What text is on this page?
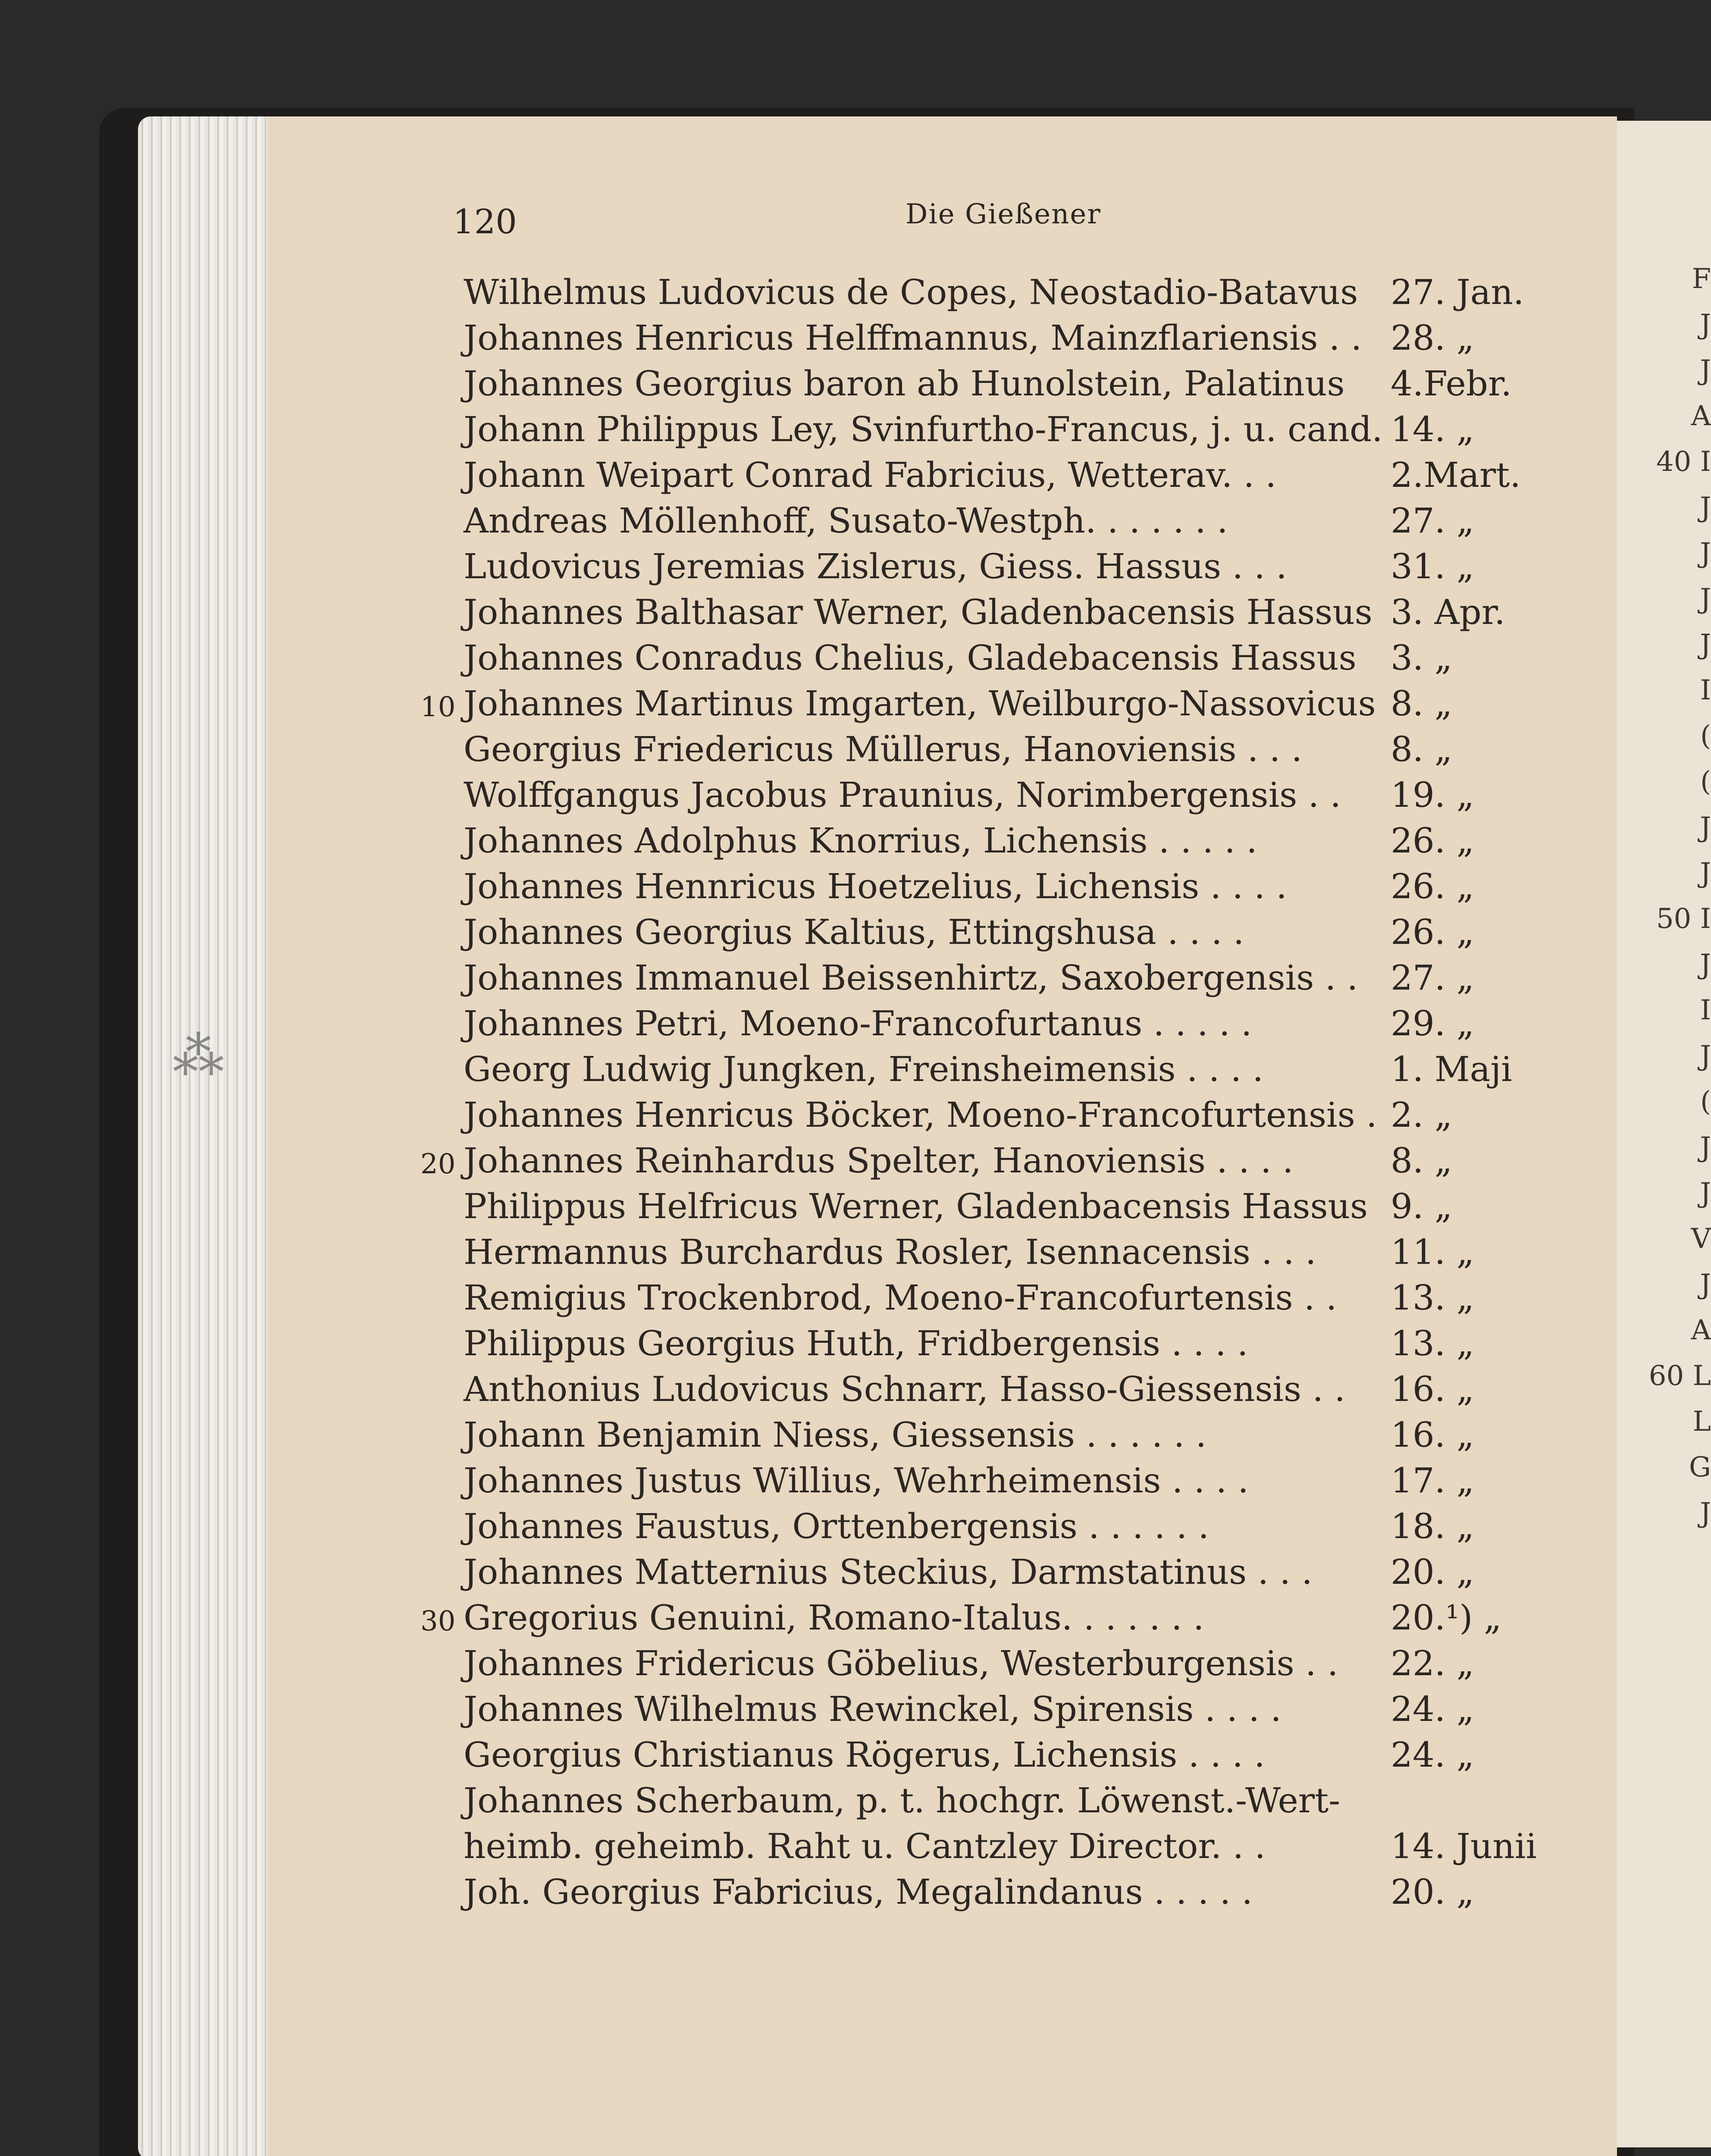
⁂
120	Die Gießener
Wilhelmus Ludovicus de Copes, Neostadio-Batavus 27. Jan.
Johannes Henricus Helffmannus, Mainzflariensis . . 28. „
Johannes Georgius baron ab Hunolstein, Palatinus 4.Febr.
Johann Philippus Ley, Svinfurtho-Francus, j. u. cand. 14. „
Johann Weipart Conrad Fabricius, Wetterav. . .	2.Mart.
Andreas Möllenhoff, Susato-Westph. . . . . . .	27. „
Ludovicus Jeremias Zislerus, Giess. Hassus . . .	31. „
Johannes Balthasar Werner, Gladenbacensis Hassus 3. Apr.
Johannes Conradus Chelius, Gladebacensis Hassus 3. „
Johannes Martinus Imgarten, Weilburgo-Nassovicus 8. „
10
Georgius Friedericus Müllerus, Hanoviensis . . .	8. „
Wolffgangus Jacobus Praunius, Norimbergensis . . 19. „
Johannes Adolphus Knorrius, Lichensis . . . . .	26. „
Johannes Hennricus Hoetzelius, Lichensis . . . .	26. „
Johannes Georgius Kaltius, Ettingshusa . . . .	26. „
Johannes Immanuel Beissenhirtz, Saxobergensis . . 27. „
Johannes Petri, Moeno-Francofurtanus . . . . .	29. „
Georg Ludwig Jungken, Freinsheimensis . . . .	1. Maji
Johannes Henricus Böcker, Moeno-Francofurtensis . 2. „
Johannes Reinhardus Spelter, Hanoviensis . . . .	8. „
20
Philippus Helfricus Werner, Gladenbacensis Hassus 9. „
Hermannus Burchardus Rosler, Isennacensis . . . 11. „
Remigius Trockenbrod, Moeno-Francofurtensis . . 13. „
Philippus Georgius Huth, Fridbergensis . . . .	13. „
Anthonius Ludovicus Schnarr, Hasso-Giessensis . . 16. „
Johann Benjamin Niess, Giessensis . . . . . .	16. „
Johannes Justus Willius, Wehrheimensis . . . .	17. „
Johannes Faustus, Orttenbergensis . . . . . .	18. „
Johannes Matternius Steckius, Darmstatinus . . . 20. „
Gregorius Genuini, Romano-Italus. . . . . . .	20.¹) „
30
Johannes Fridericus Göbelius, Westerburgensis . . 22. „
Johannes Wilhelmus Rewinckel, Spirensis . . . .	24. „
Georgius Christianus Rögerus, Lichensis . . . .	24. „
Johannes Scherbaum, p. t. hochgr. Löwenst.-Wert-
heimb. geheimb. Raht u. Cantzley Director. . .	14. Junii
Joh. Georgius Fabricius, Megalindanus . . . . .	20. „
F
J
J
A
40 I
J
J
J
J
I
(
(
J
J
50 I
J
I
J
(
J
J
V
J
A
60 L
L
G
J
